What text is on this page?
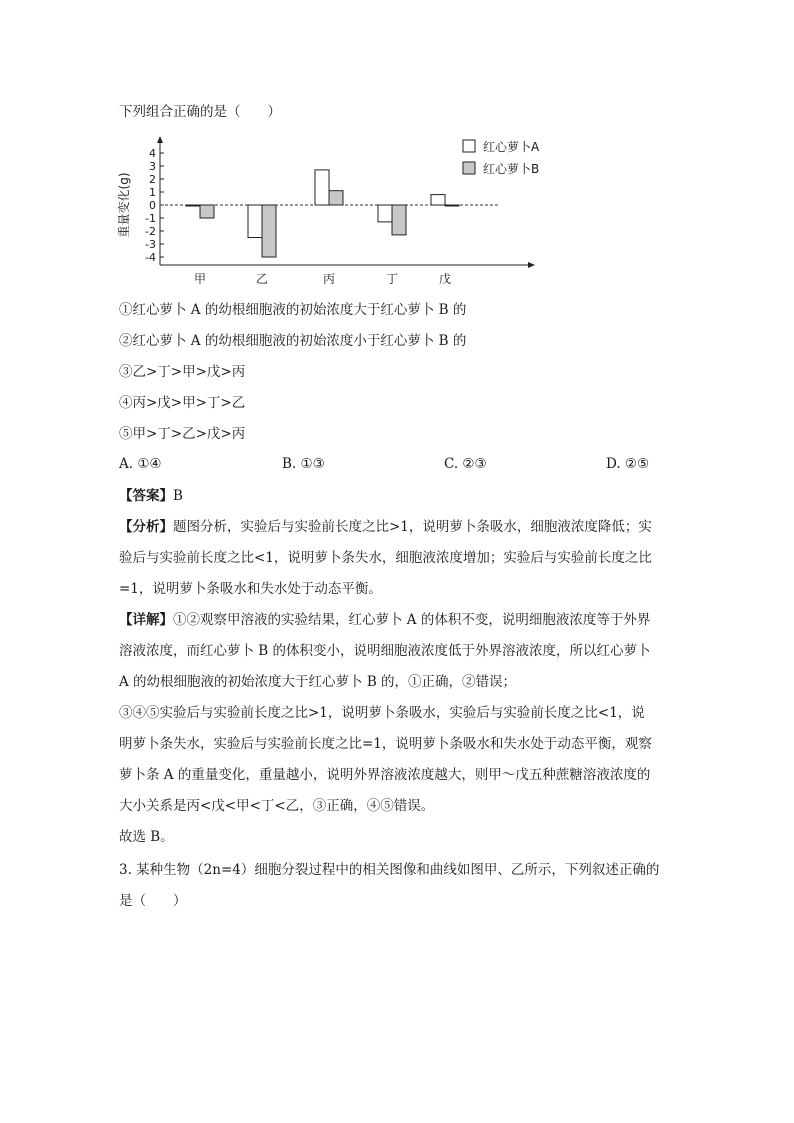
下列组合正确的是（　　）
4
3
2
1
0
-1
-2
-3
-4
重量变化(g)
甲	乙	丙	丁	戊
红心萝卜A
红心萝卜B
①红心萝卜 A 的幼根细胞液的初始浓度大于红心萝卜 B 的
②红心萝卜 A 的幼根细胞液的初始浓度小于红心萝卜 B 的
③乙>丁>甲>戊>丙
④丙>戊>甲>丁>乙
⑤甲>丁>乙>戊>丙
A. ①④	B. ①③	C. ②③	D. ②⑤
【答案】B
【分析】题图分析，实验后与实验前长度之比>1，说明萝卜条吸水，细胞液浓度降低；实
验后与实验前长度之比<1，说明萝卜条失水，细胞液浓度增加；实验后与实验前长度之比
=1，说明萝卜条吸水和失水处于动态平衡。
【详解】①②观察甲溶液的实验结果，红心萝卜 A 的体积不变，说明细胞液浓度等于外界
溶液浓度，而红心萝卜 B 的体积变小，说明细胞液浓度低于外界溶液浓度，所以红心萝卜
A 的幼根细胞液的初始浓度大于红心萝卜 B 的，①正确，②错误；
③④⑤实验后与实验前长度之比>1，说明萝卜条吸水，实验后与实验前长度之比<1，说
明萝卜条失水，实验后与实验前长度之比=1，说明萝卜条吸水和失水处于动态平衡，观察
萝卜条 A 的重量变化，重量越小，说明外界溶液浓度越大，则甲～戊五种蔗糖溶液浓度的
大小关系是丙<戊<甲<丁<乙，③正确，④⑤错误。
故选 B。
3. 某种生物（2n=4）细胞分裂过程中的相关图像和曲线如图甲、乙所示，下列叙述正确的
是（　　）
